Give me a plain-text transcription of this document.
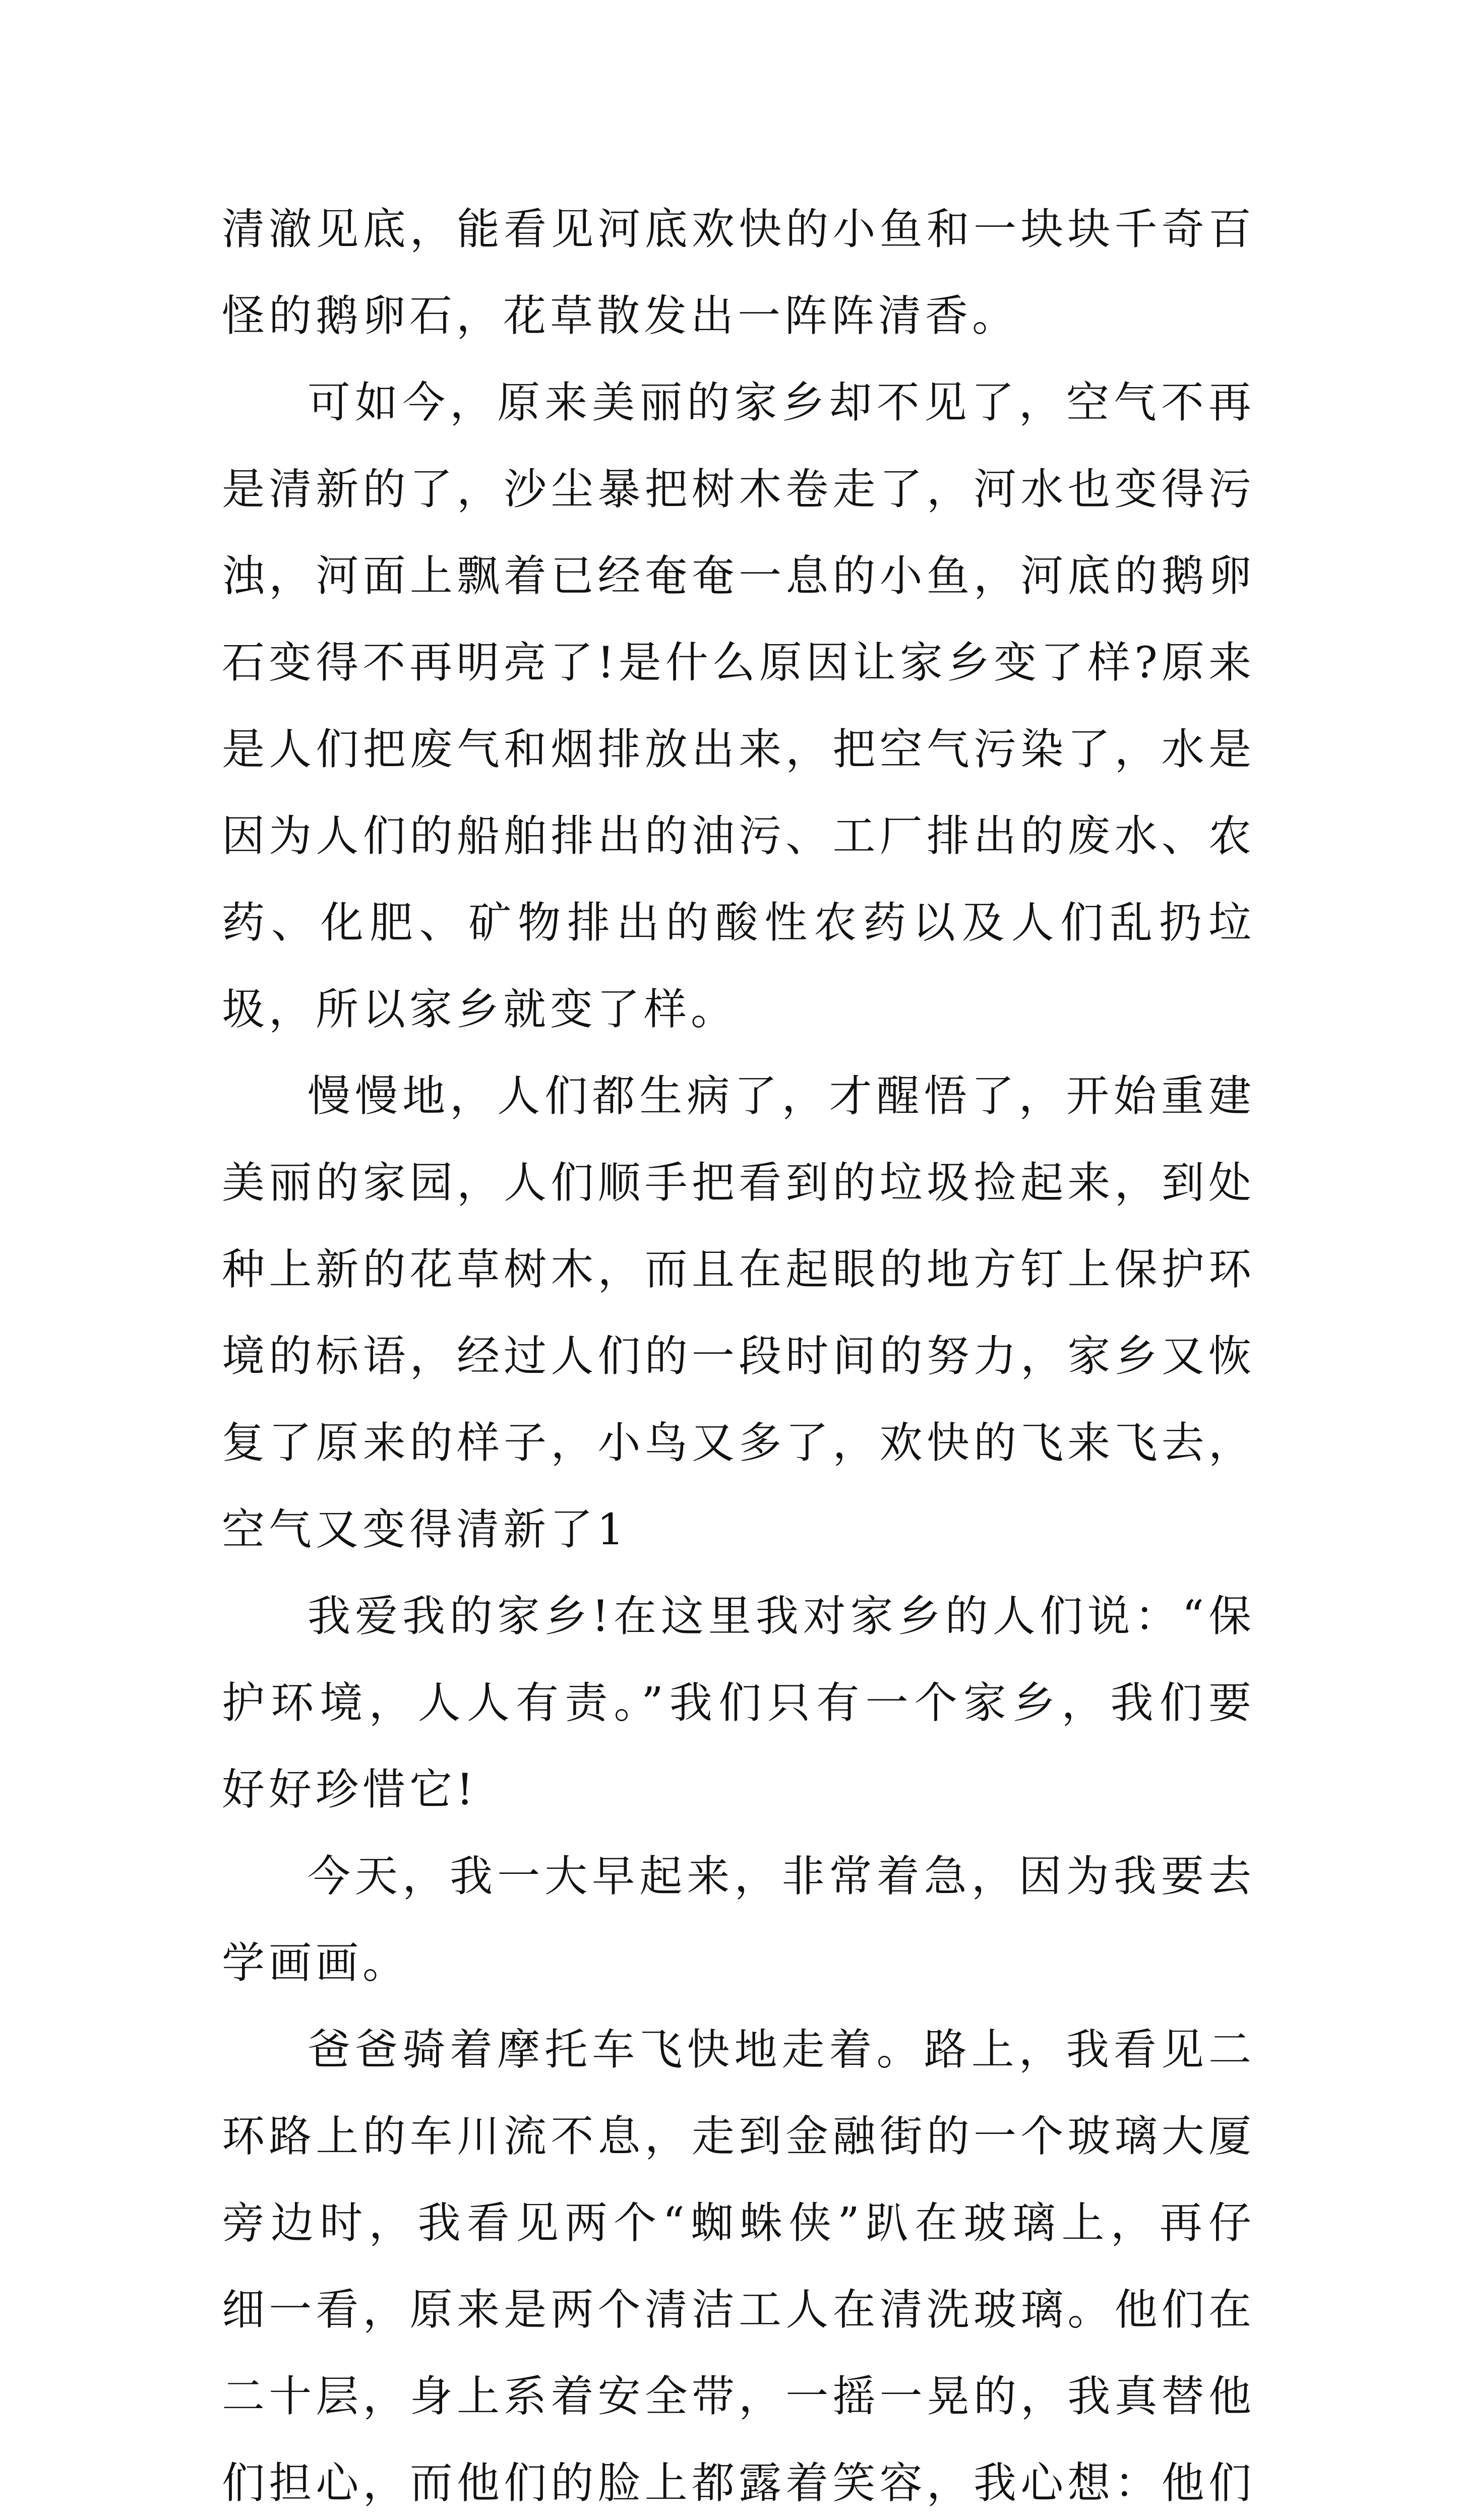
清澈见底，能看见河底欢快的小鱼和一块块千奇百怪的鹅卵石，花草散发出一阵阵清香。

可如今，原来美丽的家乡却不见了，空气不再是清新的了，沙尘暴把树木卷走了，河水也变得污浊，河面上飘着已经奄奄一息的小鱼，河底的鹅卵石变得不再明亮了!是什么原因让家乡变了样?原来是人们把废气和烟排放出来，把空气污染了，水是因为人们的船舶排出的油污、工厂排出的废水、农药、化肥、矿物排出的酸性农药以及人们乱扔垃圾，所以家乡就变了样。

慢慢地，人们都生病了，才醒悟了，开始重建美丽的家园，人们顺手把看到的垃圾捡起来，到处种上新的花草树木，而且在起眼的地方钉上保护环境的标语，经过人们的一段时间的努力，家乡又恢复了原来的样子，小鸟又多了，欢快的飞来飞去，空气又变得清新了1

我爱我的家乡!在这里我对家乡的人们说：“保护环境，人人有责。”我们只有一个家乡，我们要好好珍惜它!

今天，我一大早起来，非常着急，因为我要去学画画。

爸爸骑着摩托车飞快地走着。路上，我看见二环路上的车川流不息，走到金融街的一个玻璃大厦旁边时，我看见两个“蜘蛛侠”趴在玻璃上，再仔细一看，原来是两个清洁工人在清洗玻璃。他们在二十层，身上系着安全带，一摇一晃的，我真替他们担心，而他们的脸上都露着笑容，我心想：他们
